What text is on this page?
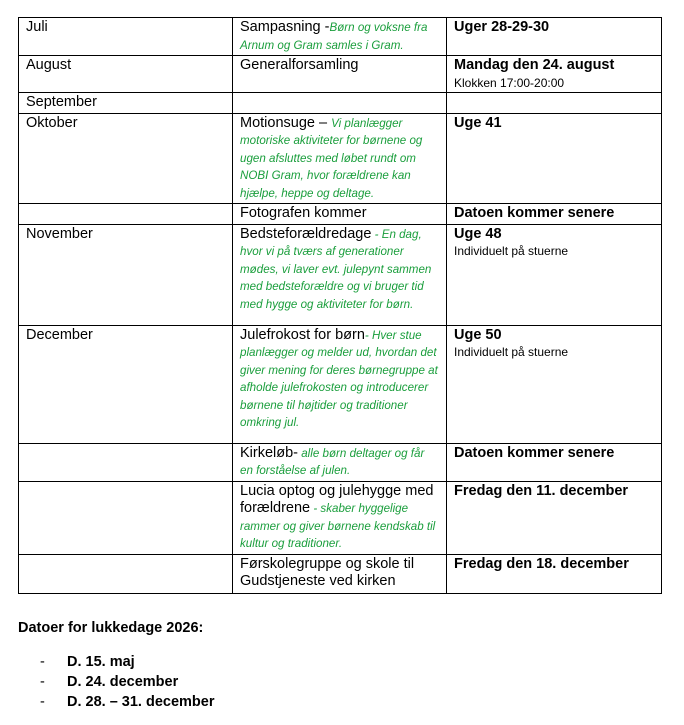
Juli	Sampasning -Børn og voksne fra Arnum og Gram samles i Gram.	Uger 28-29-30
August	Generalforsamling	Mandag den 24. august
Klokken 17:00-20:00

September		
Oktober	Motionsuge – Vi planlægger motoriske aktiviteter for børnene og ugen afsluttes med løbet rundt om NOBI Gram, hvor forældrene kan hjælpe, heppe og deltage.	Uge 41
	Fotografen kommer	Datoen kommer senere
November	Bedsteforældredage - En dag, hvor vi på tværs af generationer mødes, vi laver evt. julepynt sammen med bedsteforældre og vi bruger tid med hygge og aktiviteter for børn.	Uge 48
Individuelt på stuerne

December	Julefrokost for børn- Hver stue planlægger og melder ud, hvordan det giver mening for deres børnegruppe at afholde julefrokosten og introducerer børnene til højtider og traditioner omkring jul.	Uge 50
Individuelt på stuerne

	Kirkeløb- alle børn deltager og får en forståelse af julen.	Datoen kommer senere
	Lucia optog og julehygge med forældrene - skaber hyggelige rammer og giver børnene kendskab til kultur og traditioner.	Fredag den 11. december
	Førskolegruppe og skole til Gudstjeneste ved kirken	Fredag den 18. december
Datoer for lukkedage 2026:
- D. 15. maj
- D. 24. december
- D. 28. – 31. december
